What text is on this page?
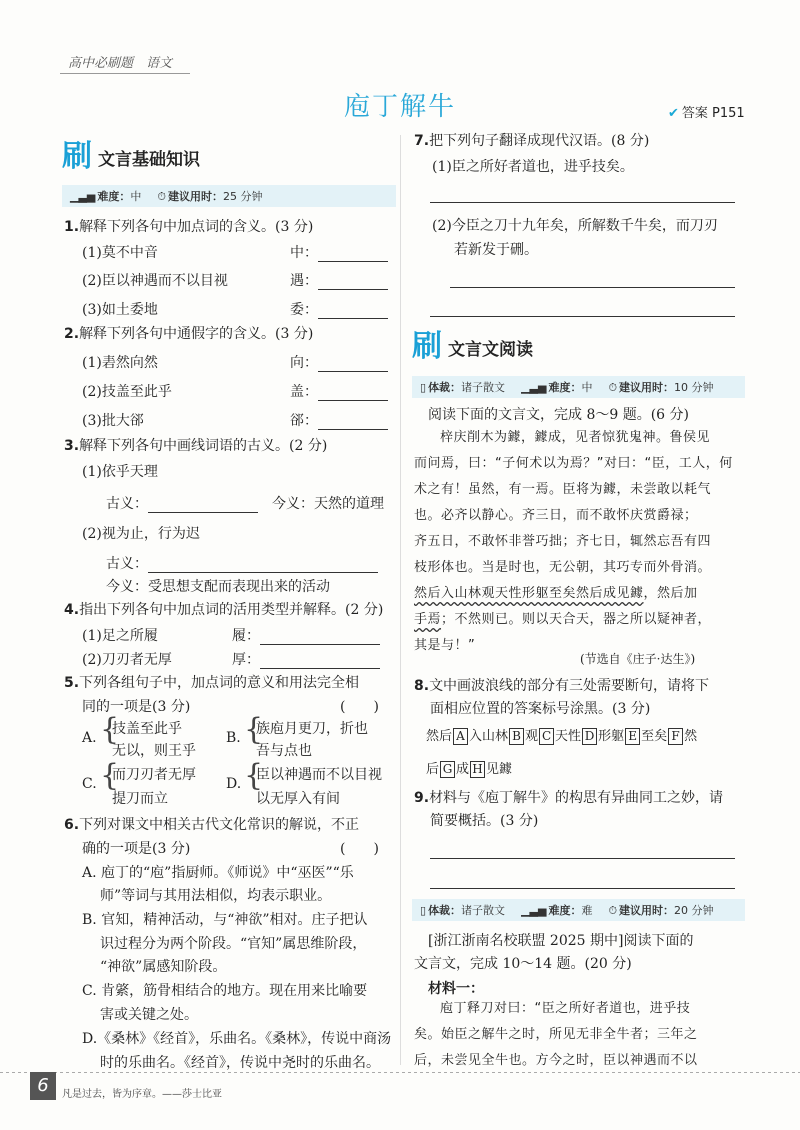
高中必刷题　语文
庖丁解牛	✔ 答案 P151
刷 文言基础知识
▁▃▅ 难度：中 ⏱ 建议用时：25 分钟
1.解释下列各句中加点词的含义。(3 分)
(1)莫不中音	中：
(2)臣以神遇而不以目视	遇：
(3)如土委地	委：
2.解释下列各句中通假字的含义。(3 分)
(1)砉然向然	向：
(2)技盖至此乎	盖：
(3)批大郤	郤：
3.解释下列各句中画线词语的古义。(2 分)
(1)依乎天理
古义：	今义：天然的道理
(2)视为止，行为迟
古义：
今义：受思想支配而表现出来的活动
4.指出下列各句中加点词的活用类型并解释。(2 分)
(1)足之所履	履：
(2)刀刃者无厚	厚：
5.下列各组句子中，加点词的意义和用法完全相
同的一项是(3 分)	(　　)
A. {
技盖至此乎
无以，则王乎
B. {
族庖月更刀，折也
吾与点也
C. {
而刀刃者无厚
提刀而立
D. {
臣以神遇而不以目视
以无厚入有间
6.下列对课文中相关古代文化常识的解说，不正
确的一项是(3 分)	(　　)
A. 庖丁的“庖”指厨师。《师说》中“巫医”“乐
师”等词与其用法相似，均表示职业。
B. 官知，精神活动，与“神欲”相对。庄子把认
识过程分为两个阶段。“官知”属思维阶段，
“神欲”属感知阶段。
C. 肯綮，筋骨相结合的地方。现在用来比喻要
害或关键之处。
D.《桑林》《经首》，乐曲名。《桑林》，传说中商汤
时的乐曲名。《经首》，传说中尧时的乐曲名。
7.把下列句子翻译成现代汉语。(8 分)
(1)臣之所好者道也，进乎技矣。
(2)今臣之刀十九年矣，所解数千牛矣，而刀刃
若新发于硎。
刷 文言文阅读
▯ 体裁：诸子散文 ▁▃▅ 难度：中 ⏱ 建议用时：10 分钟
阅读下面的文言文，完成 8～9 题。(6 分)
梓庆削木为鐻，鐻成，见者惊犹鬼神。鲁侯见
而问焉，曰：“子何术以为焉？”对曰：“臣，工人，何
术之有！虽然，有一焉。臣将为鐻，未尝敢以耗气
也。必齐以静心。齐三日，而不敢怀庆赏爵禄；
齐五日，不敢怀非誉巧拙；齐七日，辄然忘吾有四
枝形体也。当是时也，无公朝，其巧专而外骨消。
然后入山林观天性形躯至矣然后成见鐻，然后加
手焉；不然则已。则以天合天，器之所以疑神者，
其是与！”
(节选自《庄子·达生》)
8.文中画波浪线的部分有三处需要断句，请将下
面相应位置的答案标号涂黑。(3 分)
然后 A 入山林 B 观 C 天性 D 形躯 E 至矣 F 然
后 G 成 H 见鐻
9.材料与《庖丁解牛》的构思有异曲同工之妙，请
简要概括。(3 分)
▯ 体裁：诸子散文 ▁▃▅ 难度：难 ⏱ 建议用时：20 分钟
[浙江浙南名校联盟 2025 期中]阅读下面的
文言文，完成 10～14 题。(20 分)
材料一：
庖丁释刀对曰：“臣之所好者道也，进乎技
矣。始臣之解牛之时，所见无非全牛者；三年之
后，未尝见全牛也。方今之时，臣以神遇而不以
6	凡是过去，皆为序章。——莎士比亚
